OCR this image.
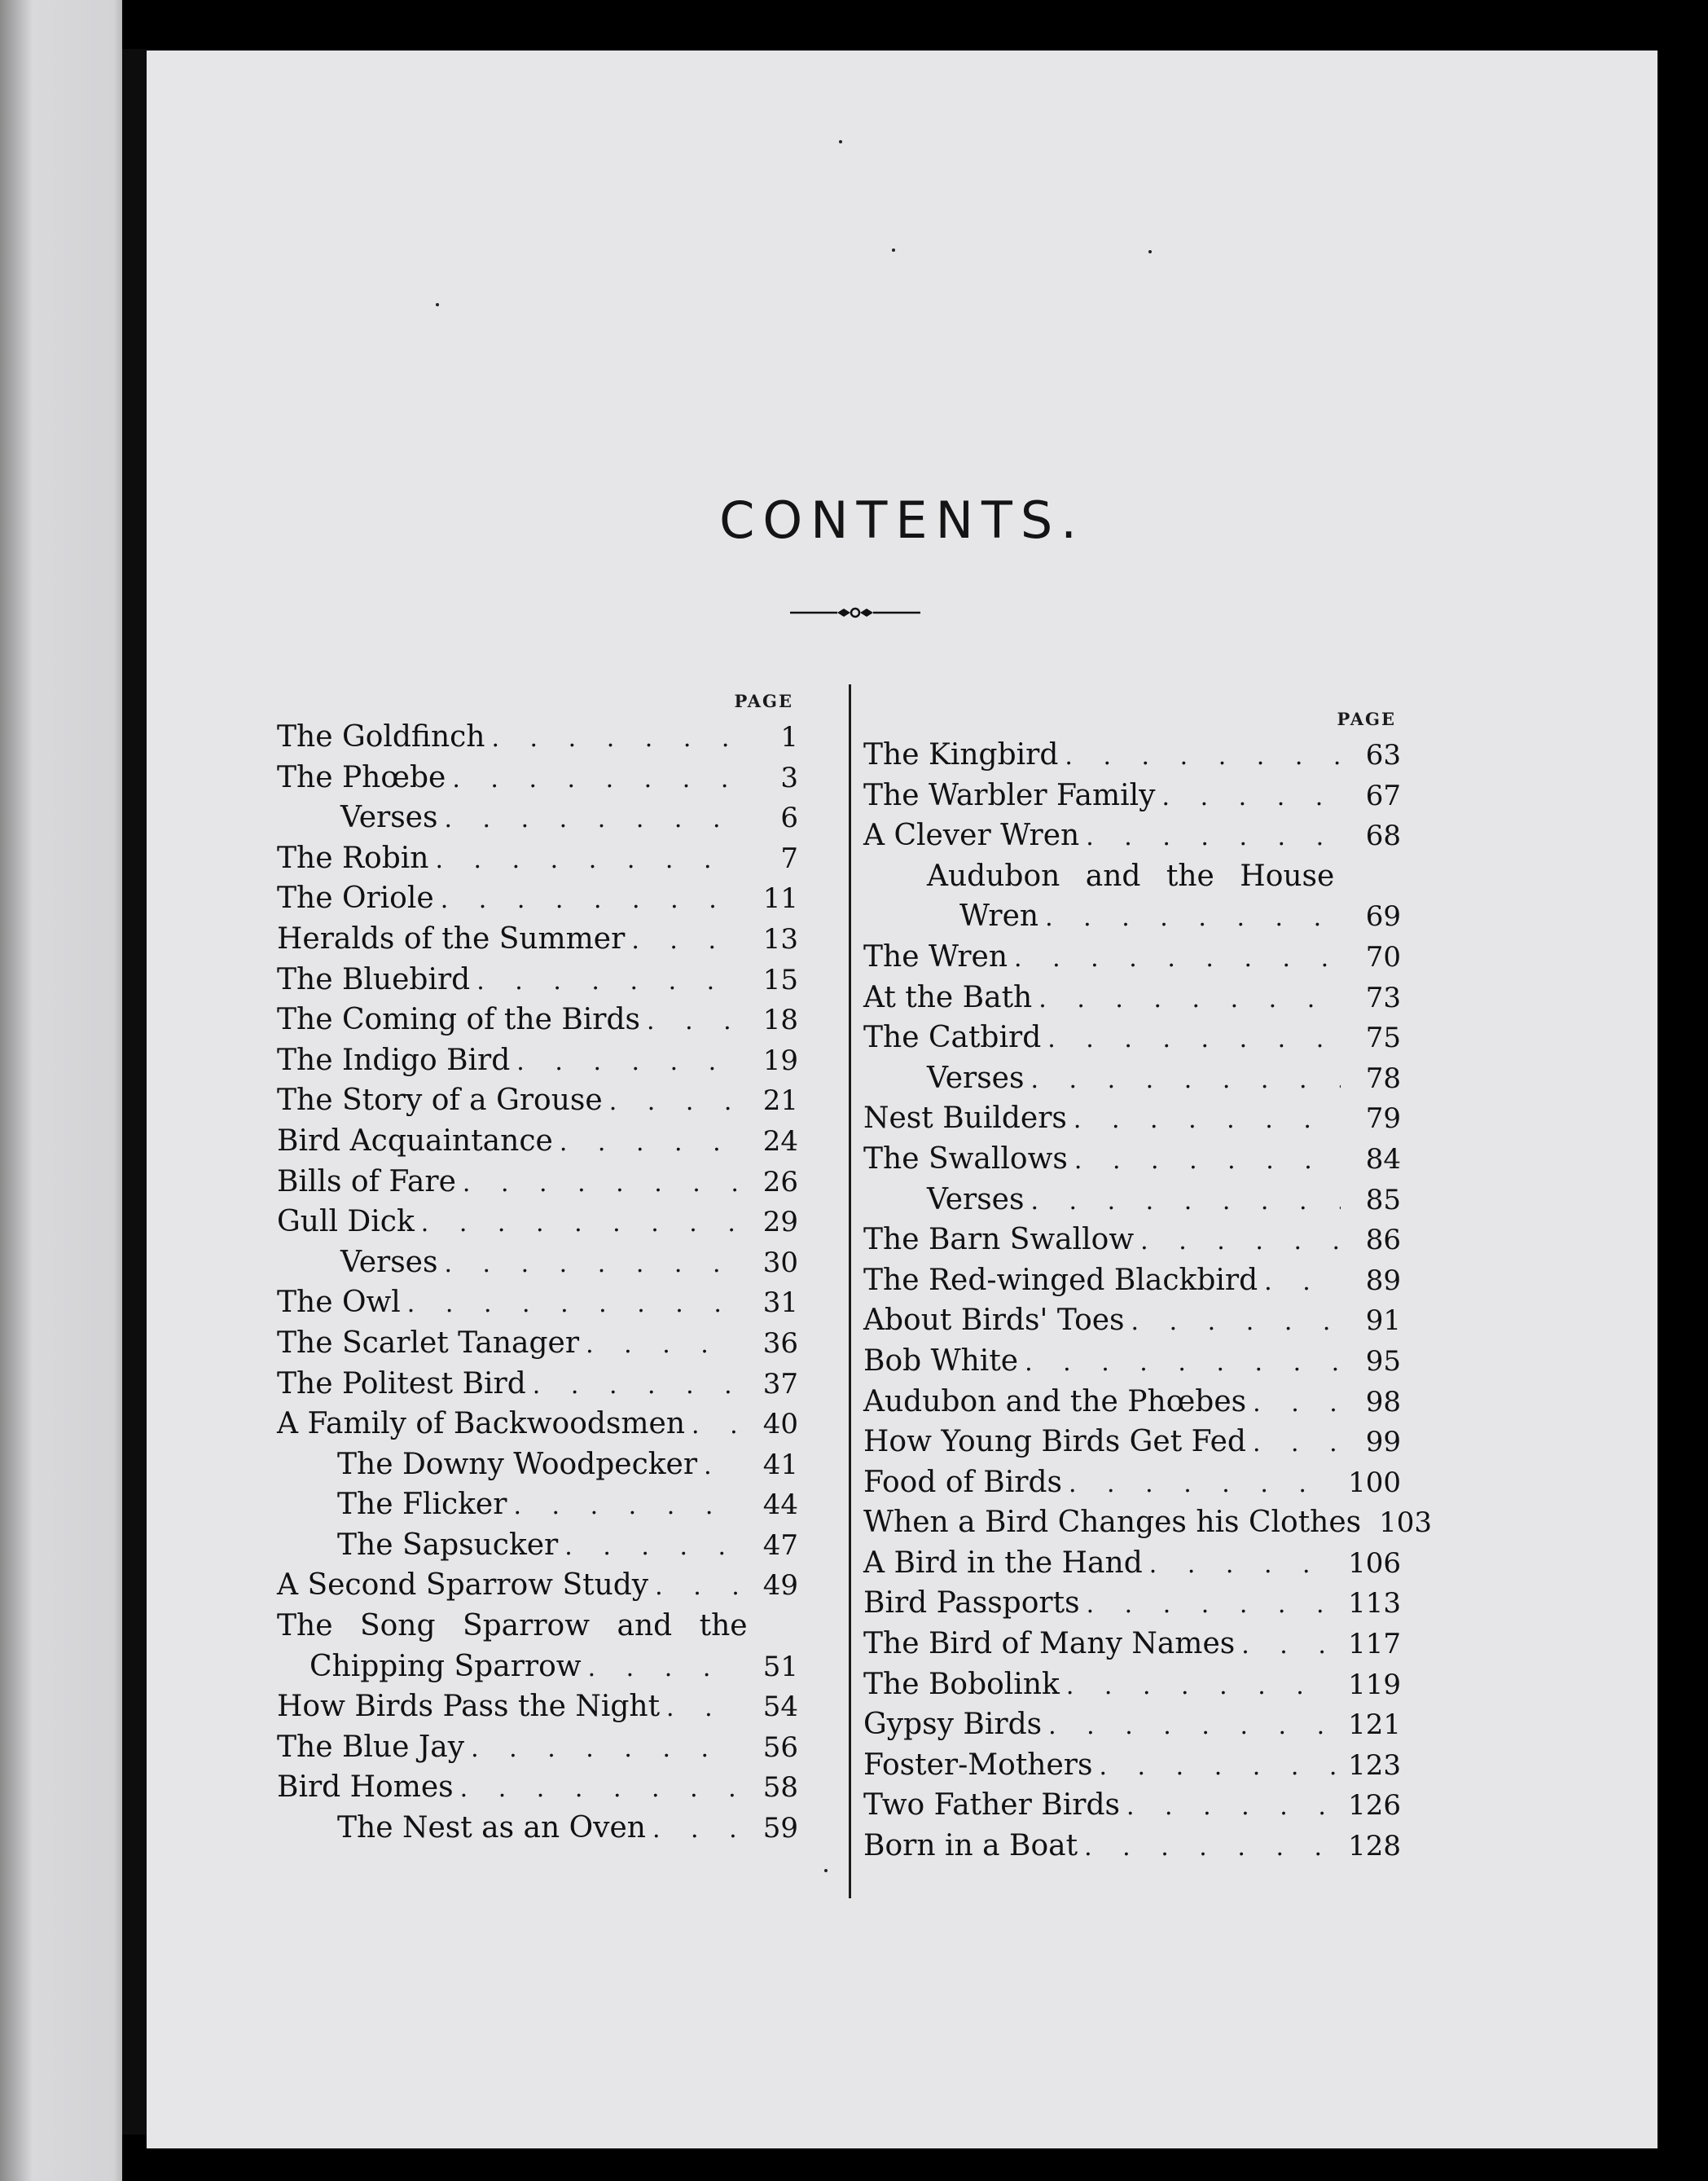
CONTENTS.
PAGE
The Goldfinch . . .	1
The Phœbe . . .	3
Verses . . .	6
The Robin . . .	7
The Oriole . . .	11
Heralds of the Summer . . .	13
The Bluebird . . .	15
The Coming of the Birds . . .	18
The Indigo Bird . . .	19
The Story of a Grouse . . .	21
Bird Acquaintance . . .	24
Bills of Fare . . .	26
Gull Dick . . .	29
Verses . . .	30
The Owl . . .	31
The Scarlet Tanager . . .	36
The Politest Bird . . .	37
A Family of Backwoodsmen . . .	40
The Downy Woodpecker . . .	41
The Flicker . . .	44
The Sapsucker . . .	47
A Second Sparrow Study . . .	49
The Song Sparrow and the
Chipping Sparrow . . .	51
How Birds Pass the Night . . .	54
The Blue Jay . . .	56
Bird Homes . . .	58
The Nest as an Oven . . .	59
PAGE
The Kingbird . . .	63
The Warbler Family . . .	67
A Clever Wren . . .	68
Audubon and the House
Wren . . .	69
The Wren . . .	70
At the Bath . . .	73
The Catbird . . .	75
Verses . . .	78
Nest Builders . . .	79
The Swallows . . .	84
Verses . . .	85
The Barn Swallow . . .	86
The Red-winged Blackbird . . .	89
About Birds' Toes . . .	91
Bob White . . .	95
Audubon and the Phœbes . . .	98
How Young Birds Get Fed . . .	99
Food of Birds . . .	100
When a Bird Changes his Clothes 103
A Bird in the Hand . . .	106
Bird Passports . . .	113
The Bird of Many Names . . .	117
The Bobolink . . .	119
Gypsy Birds . . .	121
Foster-Mothers . . .	123
Two Father Birds . . .	126
Born in a Boat . . .	128
